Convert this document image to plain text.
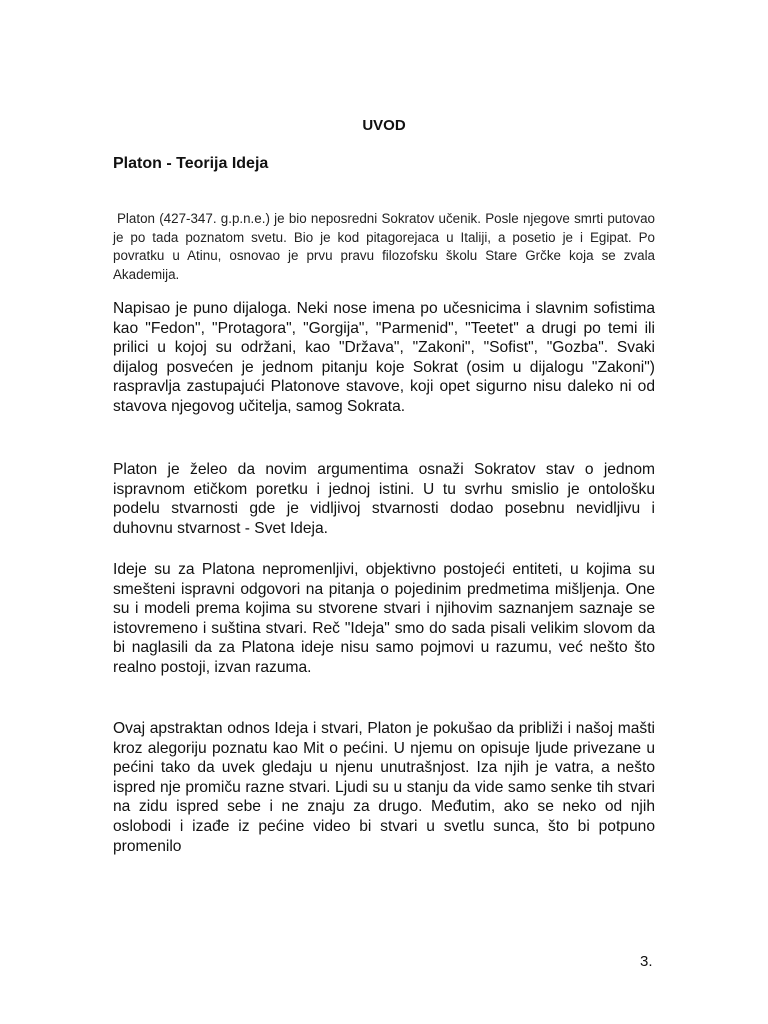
UVOD
Platon - Teorija Ideja

Platon (427-347. g.p.n.e.) je bio neposredni Sokratov učenik. Posle njegove smrti putovao je po tada poznatom svetu. Bio je kod pitagorejaca u Italiji, a posetio je i Egipat. Po povratku u Atinu, osnovao je prvu pravu filozofsku školu Stare Grčke koja se zvala Akademija.

Napisao je puno dijaloga. Neki nose imena po učesnicima i slavnim sofistima kao "Fedon", "Protagora", "Gorgija", "Parmenid", "Teetet" a drugi po temi ili prilici u kojoj su održani, kao "Država", "Zakoni", "Sofist", "Gozba". Svaki dijalog posvećen je jednom pitanju koje Sokrat (osim u dijalogu "Zakoni") raspravlja zastupajući Platonove stavove, koji opet sigurno nisu daleko ni od stavova njegovog učitelja, samog Sokrata.

Platon je želeo da novim argumentima osnaži Sokratov stav o jednom ispravnom etičkom poretku i jednoj istini. U tu svrhu smislio je ontološku podelu stvarnosti gde je vidljivoj stvarnosti dodao posebnu nevidljivu i duhovnu stvarnost - Svet Ideja.

Ideje su za Platona nepromenljivi, objektivno postojeći entiteti, u kojima su smešteni ispravni odgovori na pitanja o pojedinim predmetima mišljenja. One su i modeli prema kojima su stvorene stvari i njihovim saznanjem saznaje se istovremeno i suština stvari. Reč "Ideja" smo do sada pisali velikim slovom da bi naglasili da za Platona ideje nisu samo pojmovi u razumu, već nešto što realno postoji, izvan razuma.

Ovaj apstraktan odnos Ideja i stvari, Platon je pokušao da približi i našoj mašti kroz alegoriju poznatu kao Mit o pećini. U njemu on opisuje ljude privezane u pećini tako da uvek gledaju u njenu unutrašnjost. Iza njih je vatra, a nešto ispred nje promiču razne stvari. Ljudi su u stanju da vide samo senke tih stvari na zidu ispred sebe i ne znaju za drugo. Međutim, ako se neko od njih oslobodi i izađe iz pećine video bi stvari u svetlu sunca, što bi potpuno promenilo

3.
